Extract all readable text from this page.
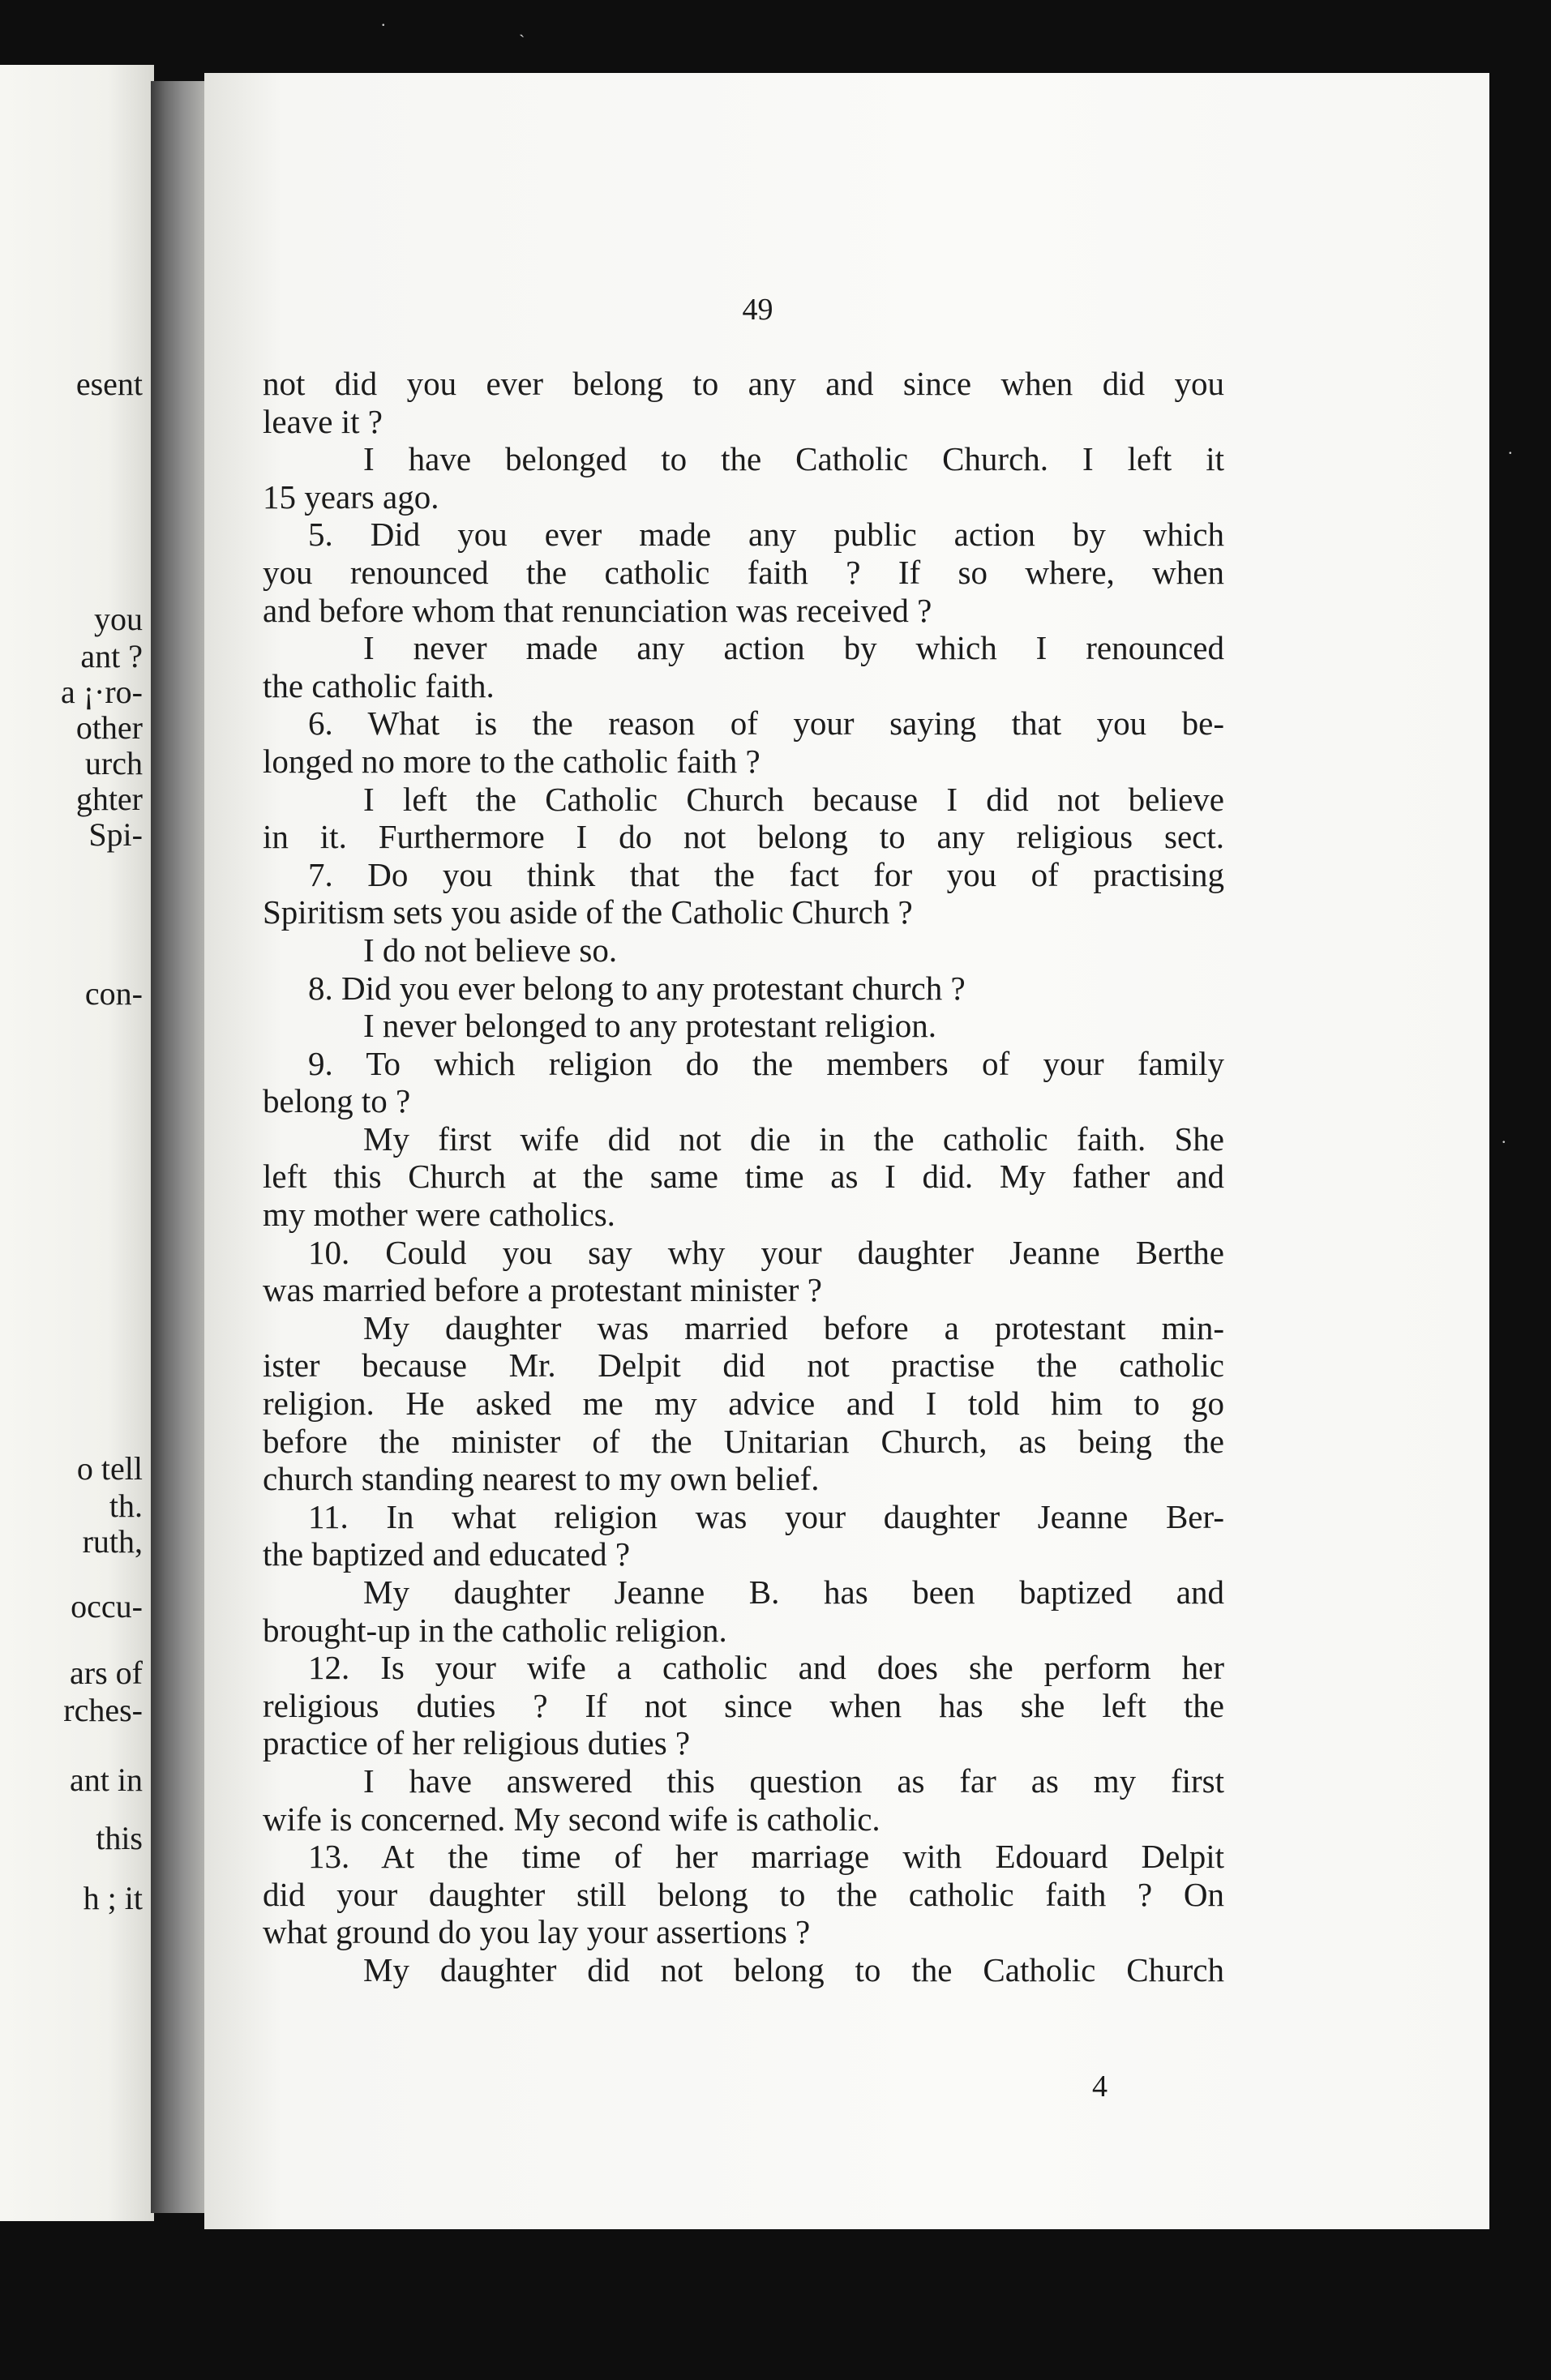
esent
you
ant ?
a ¡·ro-
other
urch
ghter
Spi-
con-
o tell
th.
ruth,
occu-
ars of
rches-
ant in
this
h ; it
49
not did you ever belong to any and since when did you
leave it ?
I have belonged to the Catholic Church. I left it
15 years ago.
5. Did you ever made any public action by which
you renounced the catholic faith ? If so where, when
and before whom that renunciation was received ?
I never made any action by which I renounced
the catholic faith.
6. What is the reason of your saying that you be-
longed no more to the catholic faith ?
I left the Catholic Church because I did not believe
in it. Furthermore I do not belong to any religious sect.
7. Do you think that the fact for you of practising
Spiritism sets you aside of the Catholic Church ?
I do not believe so.
8. Did you ever belong to any protestant church ?
I never belonged to any protestant religion.
9. To which religion do the members of your family
belong to ?
My first wife did not die in the catholic faith. She
left this Church at the same time as I did. My father and
my mother were catholics.
10. Could you say why your daughter Jeanne Berthe
was married before a protestant minister ?
My daughter was married before a protestant min-
ister because Mr. Delpit did not practise the catholic
religion. He asked me my advice and I told him to go
before the minister of the Unitarian Church, as being the
church standing nearest to my own belief.
11. In what religion was your daughter Jeanne Ber-
the baptized and educated ?
My daughter Jeanne B. has been baptized and
brought-up in the catholic religion.
12. Is your wife a catholic and does she perform her
religious duties ? If not since when has she left the
practice of her religious duties ?
I have answered this question as far as my first
wife is concerned. My second wife is catholic.
13. At the time of her marriage with Edouard Delpit
did your daughter still belong to the catholic faith ? On
what ground do you lay your assertions ?
My daughter did not belong to the Catholic Church
4
.
`
.
.
